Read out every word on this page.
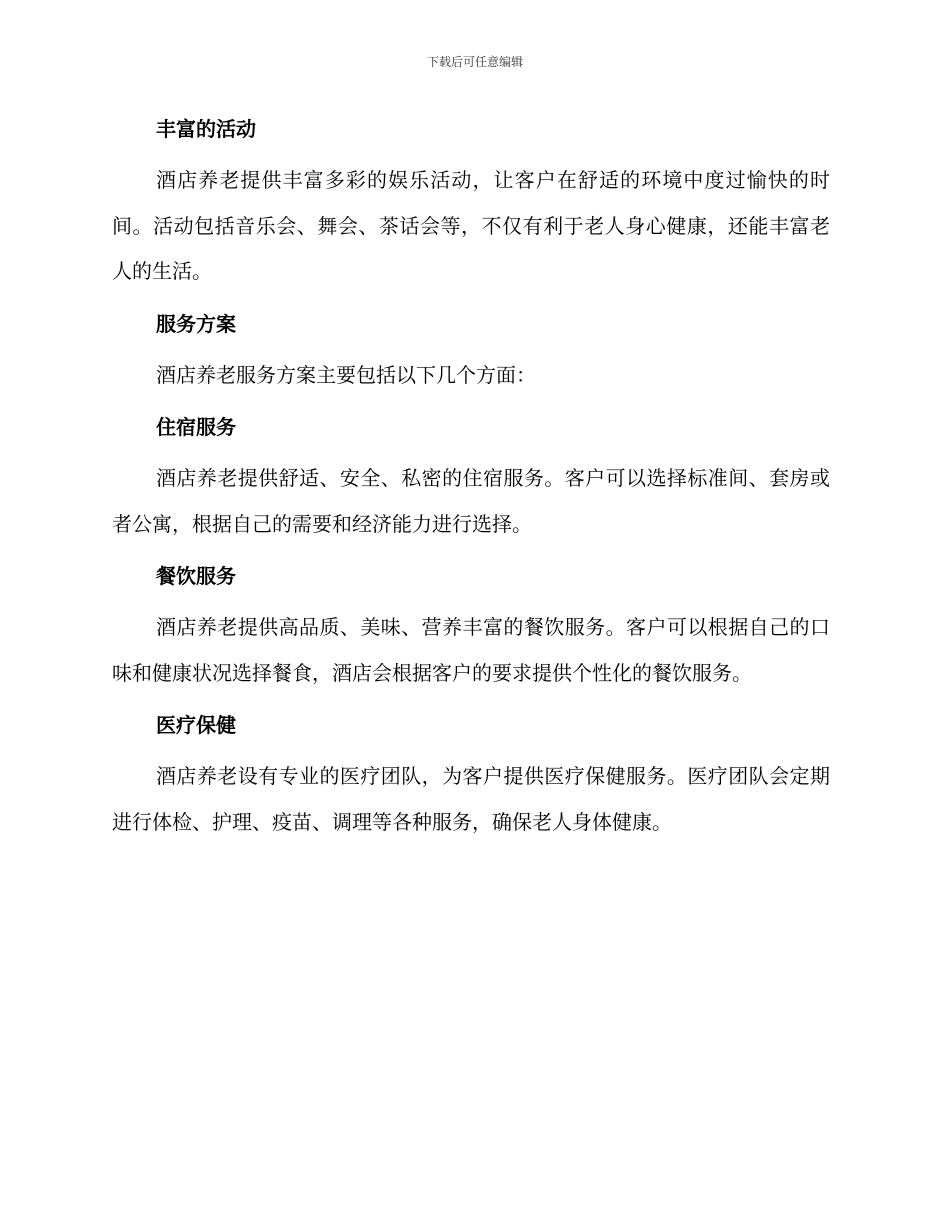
下载后可任意编辑
丰富的活动
酒店养老提供丰富多彩的娱乐活动，让客户在舒适的环境中度过愉快的时间。活动包括音乐会、舞会、茶话会等，不仅有利于老人身心健康，还能丰富老人的生活。
服务方案
酒店养老服务方案主要包括以下几个方面：
住宿服务
酒店养老提供舒适、安全、私密的住宿服务。客户可以选择标准间、套房或者公寓，根据自己的需要和经济能力进行选择。
餐饮服务
酒店养老提供高品质、美味、营养丰富的餐饮服务。客户可以根据自己的口味和健康状况选择餐食，酒店会根据客户的要求提供个性化的餐饮服务。
医疗保健
酒店养老设有专业的医疗团队，为客户提供医疗保健服务。医疗团队会定期进行体检、护理、疫苗、调理等各种服务，确保老人身体健康。
